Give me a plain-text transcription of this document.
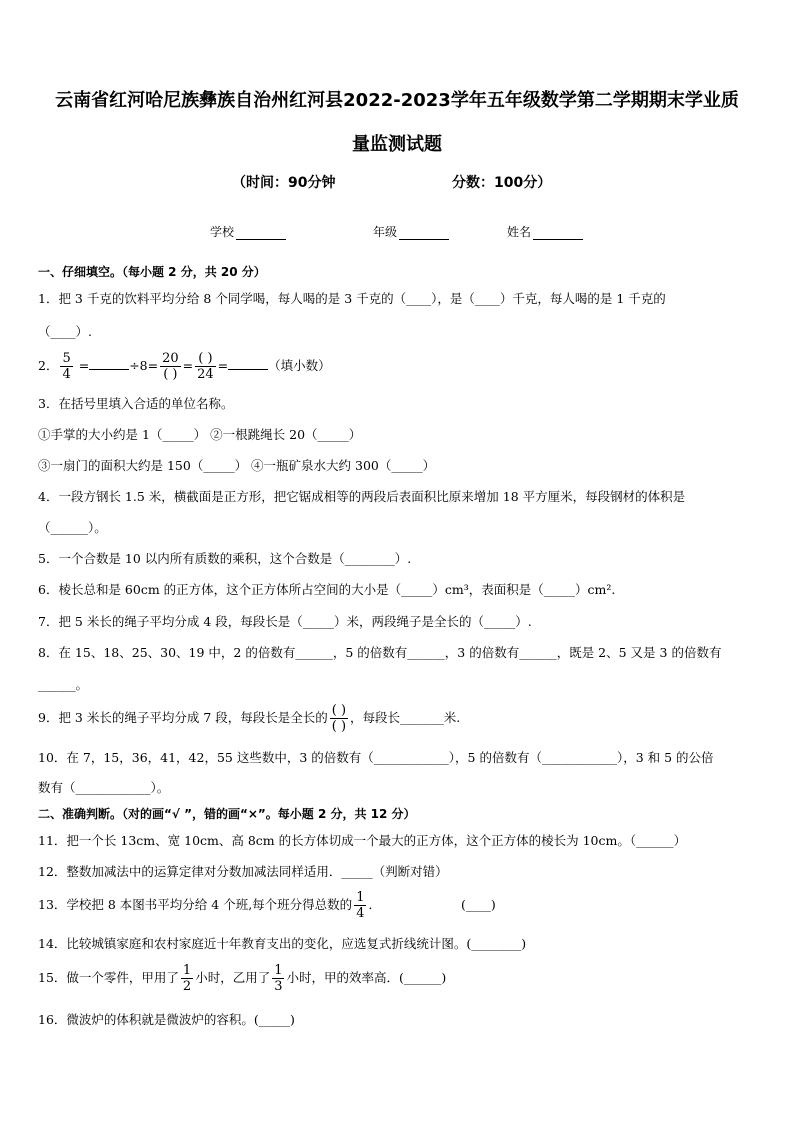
云南省红河哈尼族彝族自治州红河县2022-2023学年五年级数学第二学期期末学业质
量监测试题
（时间：90分钟	分数：100分）
学校	年级	姓名
一、仔细填空。（每小题 2 分，共 20 分）
1．把 3 千克的饮料平均分给 8 个同学喝，每人喝的是 3 千克的（____），是（____）千克，每人喝的是 1 千克的
（____）.
2． $\frac{5}{4}$ =	$\div 8= \frac{20}{( )} = \frac{( )}{24}$ =	（填小数）
3．在括号里填入合适的单位名称。
①手掌的大小约是 1（_____） ②一根跳绳长 20（_____）
③一扇门的面积大约是 150（_____） ④一瓶矿泉水大约 300（_____）
4．一段方钢长 1.5 米，横截面是正方形，把它锯成相等的两段后表面积比原来增加 18 平方厘米，每段钢材的体积是
（______）。
5．一个合数是 10 以内所有质数的乘积，这个合数是（________）.
6．棱长总和是 60cm 的正方体，这个正方体所占空间的大小是（_____）cm³，表面积是（_____）cm².
7．把 5 米长的绳子平均分成 4 段，每段长是（_____）米，两段绳子是全长的（_____）.
8．在 15、18、25、30、19 中，2 的倍数有______，5 的倍数有______，3 的倍数有______，既是 2、5 又是 3 的倍数有
______。
9．把 3 米长的绳子平均分成 7 段，每段长是全长的 $\frac{( )}{( )}$ ，每段长_______米.
10．在 7，15，36，41，42，55 这些数中，3 的倍数有（____________），5 的倍数有（____________），3 和 5 的公倍
数有（____________）。
二、准确判断。（对的画“√ ”，错的画“×”。每小题 2 分，共 12 分）
11．把一个长 13cm、宽 10cm、高 8cm 的长方体切成一个最大的正方体，这个正方体的棱长为 10cm。（______）
12．整数加减法中的运算定律对分数加减法同样适用．_____（判断对错）
13．学校把 8 本图书平均分给 4 个班,每个班分得总数的 $\frac{1}{4}$ ．	(____)
14．比较城镇家庭和农村家庭近十年教育支出的变化，应选复式折线统计图。(________)
15．做一个零件，甲用了 $\frac{1}{2}$ 小时，乙用了 $\frac{1}{3}$ 小时，甲的效率高．(______)
16．微波炉的体积就是微波炉的容积。(_____)
